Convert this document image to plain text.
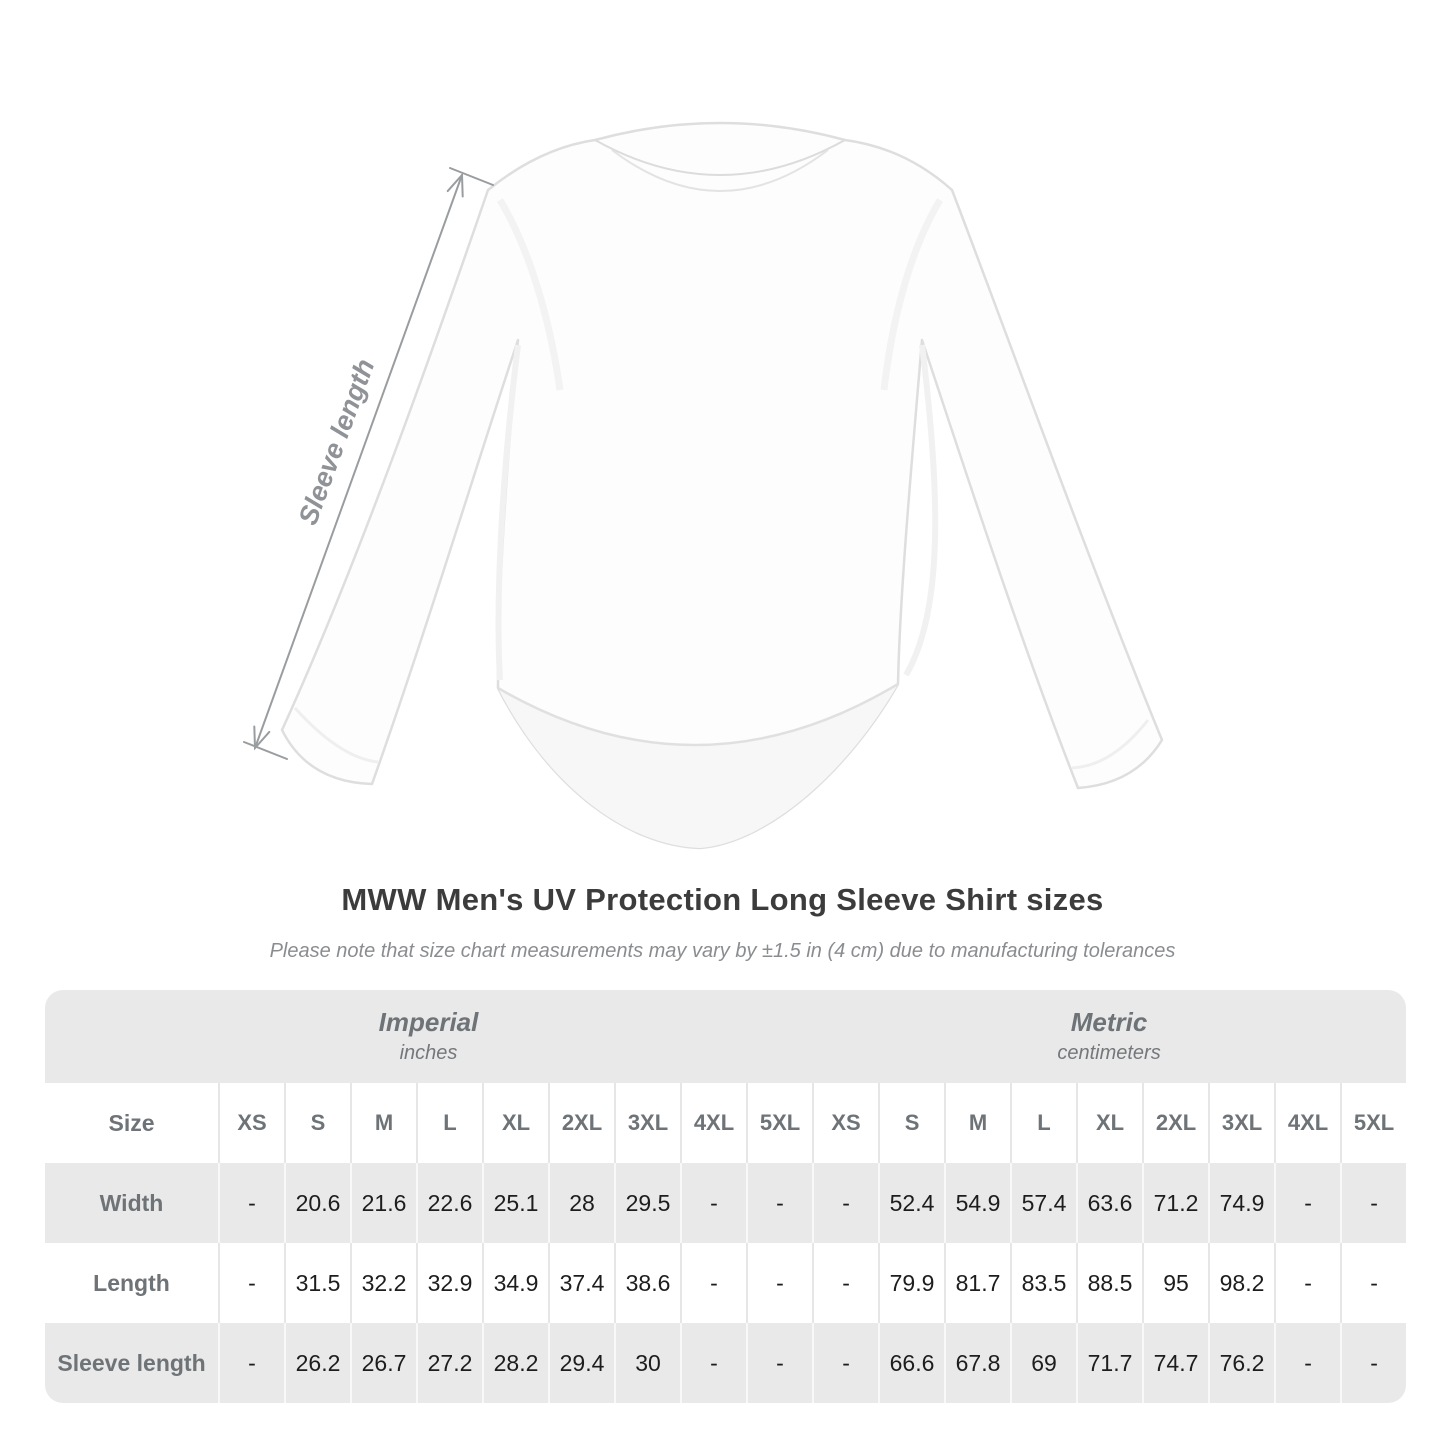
Sleeve length
MWW Men's UV Protection Long Sleeve Shirt sizes
Please note that size chart measurements may vary by ±1.5 in (4 cm) due to manufacturing tolerances
Imperial
inches

Metric
centimeters

Size	XS	S	M	L	XL	2XL	3XL	4XL	5XL	XS	S	M	L	XL	2XL	3XL	4XL	5XL
Width	-	20.6	21.6	22.6	25.1	28	29.5	-	-	-	52.4	54.9	57.4	63.6	71.2	74.9	-	-
Length	-	31.5	32.2	32.9	34.9	37.4	38.6	-	-	-	79.9	81.7	83.5	88.5	95	98.2	-	-
Sleeve length	-	26.2	26.7	27.2	28.2	29.4	30	-	-	-	66.6	67.8	69	71.7	74.7	76.2	-	-
